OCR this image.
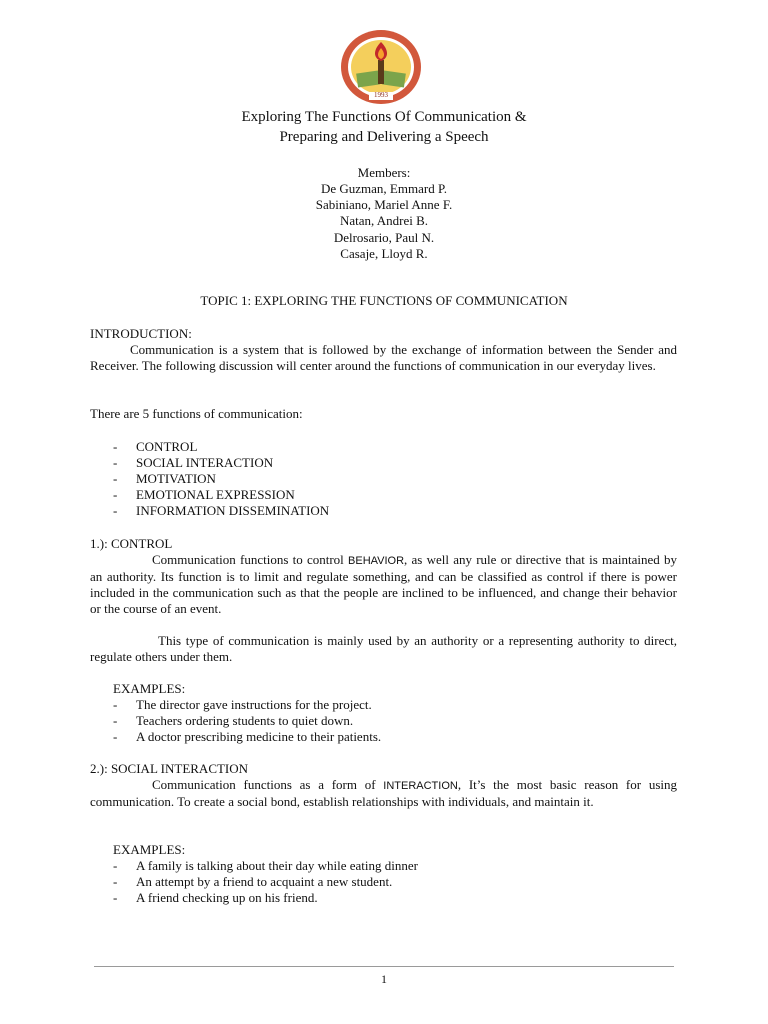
1993
Exploring The Functions Of Communication &
Preparing and Delivering a Speech
Members:
De Guzman, Emmard P.
Sabiniano, Mariel Anne F.
Natan, Andrei B.
Delrosario, Paul N.
Casaje, Lloyd R.
TOPIC 1: EXPLORING THE FUNCTIONS OF COMMUNICATION
INTRODUCTION:
Communication is a system that is followed by the exchange of information between the Sender and Receiver. The following discussion will center around the functions of communication in our everyday lives.
There are 5 functions of communication:
- CONTROL
- SOCIAL INTERACTION
- MOTIVATION
- EMOTIONAL EXPRESSION
- INFORMATION DISSEMINATION
1.): CONTROL
Communication functions to control BEHAVIOR, as well any rule or directive that is maintained by an authority. Its function is to limit and regulate something, and can be classified as control if there is power included in the communication such as that the people are inclined to be influenced, and change their behavior or the course of an event.
This type of communication is mainly used by an authority or a representing authority to direct, regulate others under them.
EXAMPLES:
- The director gave instructions for the project.
- Teachers ordering students to quiet down.
- A doctor prescribing medicine to their patients.
2.): SOCIAL INTERACTION
Communication functions as a form of INTERACTION, It’s the most basic reason for using communication. To create a social bond, establish relationships with individuals, and maintain it.
EXAMPLES:
- A family is talking about their day while eating dinner
- An attempt by a friend to acquaint a new student.
- A friend checking up on his friend.
1
